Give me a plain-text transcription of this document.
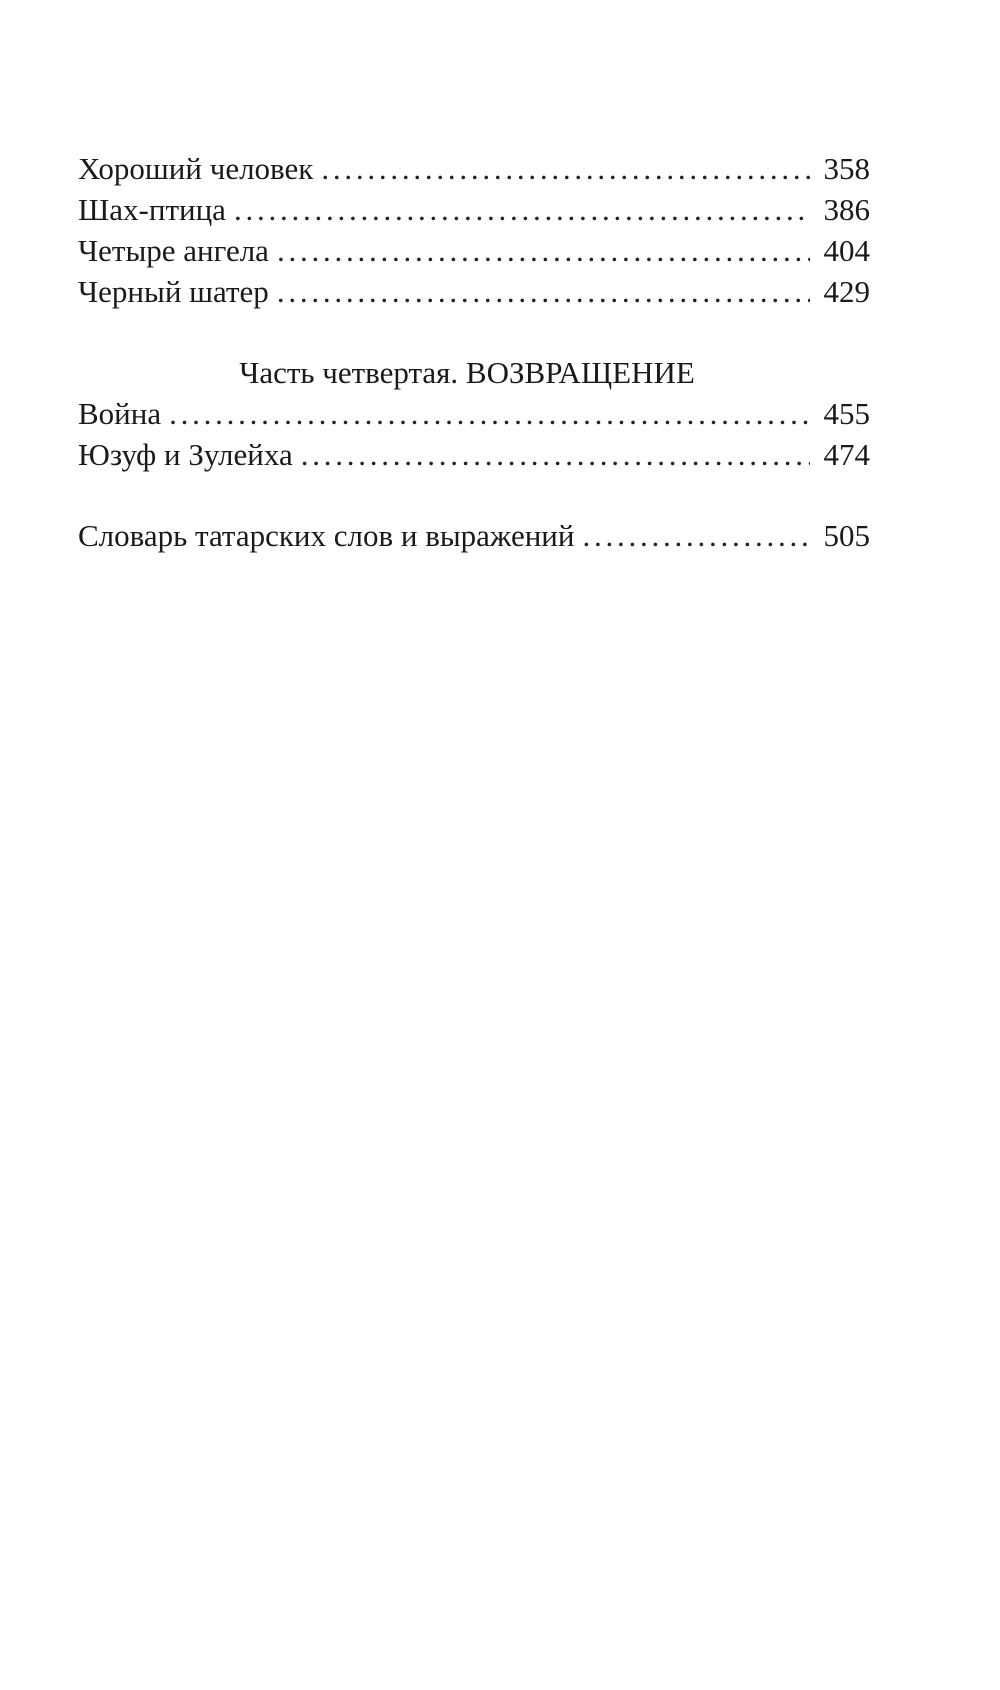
Хороший человек . . .	358
Шах-птица . . .	386
Четыре ангела . . .	404
Черный шатер . . .	429
Часть четвертая. ВОЗВРАЩЕНИЕ
Война . . .	455
Юзуф и Зулейха . . .	474
Словарь татарских слов и выражений . . .	505
